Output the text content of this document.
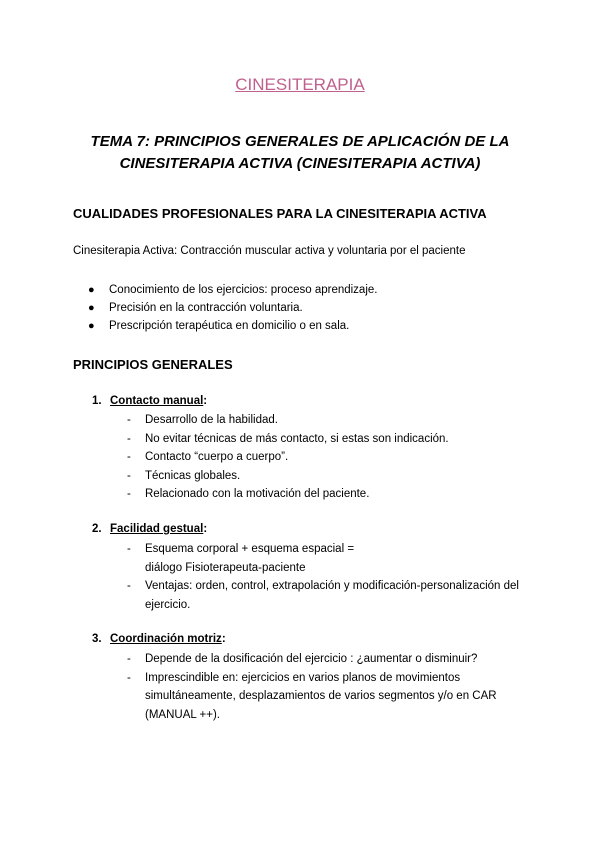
CINESITERAPIA
TEMA 7: PRINCIPIOS GENERALES DE APLICACIÓN DE LA
CINESITERAPIA ACTIVA (CINESITERAPIA ACTIVA)
CUALIDADES PROFESIONALES PARA LA CINESITERAPIA ACTIVA

Cinesiterapia Activa: Contracción muscular activa y voluntaria por el paciente

● Conocimiento de los ejercicios: proceso aprendizaje.
● Precisión en la contracción voluntaria.
● Prescripción terapéutica en domicilio o en sala.
PRINCIPIOS GENERALES
1. Contacto manual:
- Desarrollo de la habilidad.
- No evitar técnicas de más contacto, si estas son indicación.
- Contacto “cuerpo a cuerpo”.
- Técnicas globales.
- Relacionado con la motivación del paciente.
2. Facilidad gestual:
- Esquema corporal + esquema espacial = diálogo Fisioterapeuta-paciente
- Ventajas: orden, control, extrapolación y modificación-personalización del ejercicio.
3. Coordinación motriz:
- Depende de la dosificación del ejercicio : ¿aumentar o disminuir?
- Imprescindible en: ejercicios en varios planos de movimientos simultáneamente, desplazamientos de varios segmentos y/o en CAR (MANUAL ++).
